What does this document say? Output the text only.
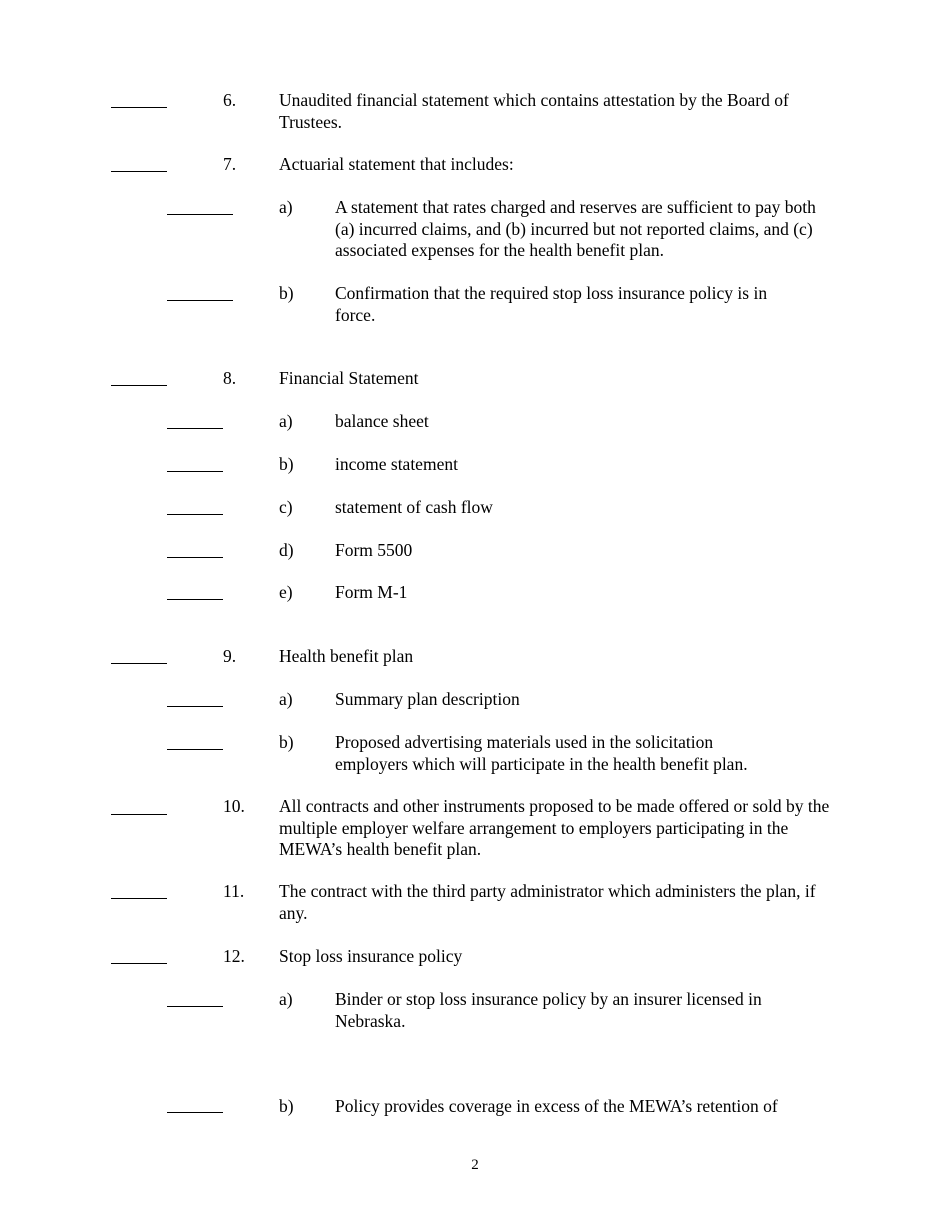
6. Unaudited financial statement which contains attestation by the Board of Trustees.
7. Actuarial statement that includes:
a) A statement that rates charged and reserves are sufficient to pay both (a) incurred claims, and (b) incurred but not reported claims, and (c) associated expenses for the health benefit plan.
b) Confirmation that the required stop loss insurance policy is in force.
8. Financial Statement
a) balance sheet
b) income statement
c) statement of cash flow
d) Form 5500
e) Form M-1
9. Health benefit plan
a) Summary plan description
b) Proposed advertising materials used in the solicitation employers which will participate in the health benefit plan.
10. All contracts and other instruments proposed to be made offered or sold by the multiple employer welfare arrangement to employers participating in the MEWA’s health benefit plan.
11. The contract with the third party administrator which administers the plan, if any.
12. Stop loss insurance policy
a) Binder or stop loss insurance policy by an insurer licensed in Nebraska.
b) Policy provides coverage in excess of the MEWA’s retention of
2
